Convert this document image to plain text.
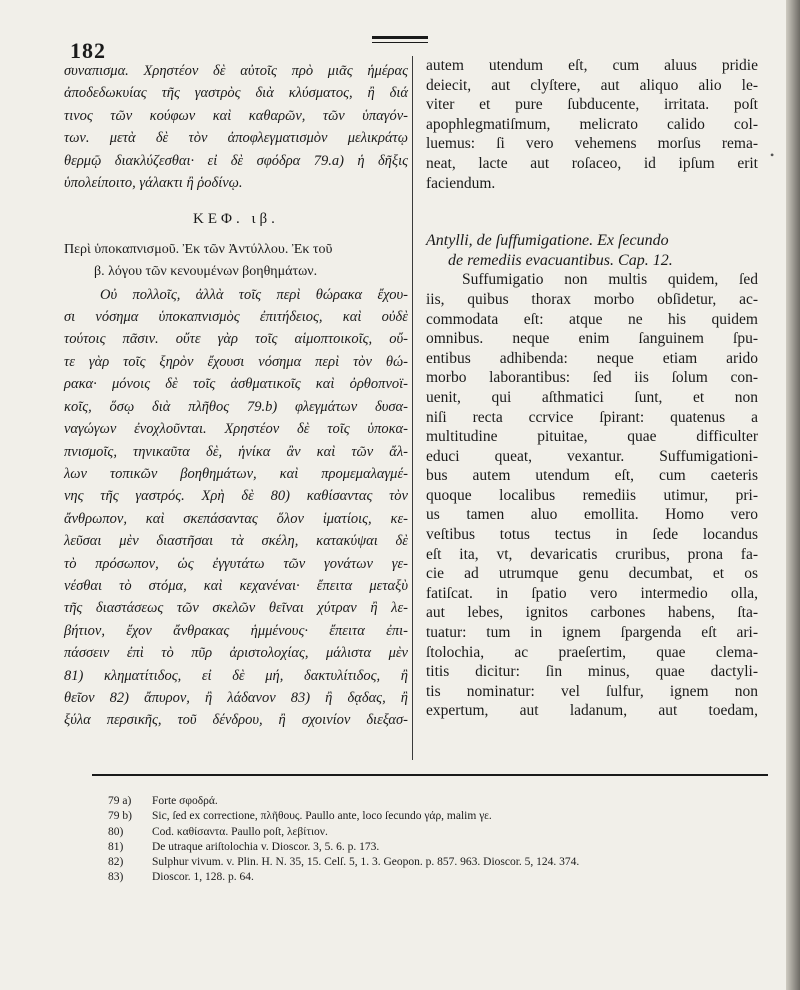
182
συναπισμα. Χρηστέον δὲ αὐτοῖς πρὸ μιᾶς ἡμέρας
ἀποδεδωκυίας τῆς γαστρὸς διὰ κλύσματος, ἢ διά
τινος τῶν κούφων καὶ καθαρῶν, τῶν ὑπαγόν-
των. μετὰ δὲ τὸν ἀποφλεγματισμὸν μελικράτῳ
θερμῷ διακλύζεσθαι· εἰ δὲ σφόδρα 79.a) ἡ δῆξις
ὑπολείποιτο, γάλακτι ἢ ῥοδίνῳ.
ΚΕΦ. ιβ.
Περὶ ὑποκαπνισμοῦ. Ἐκ τῶν Ἀντύλλου. Ἐκ τοῦ
β. λόγου τῶν κενουμένων βοηθημάτων.
Οὐ πολλοῖς, ἀλλὰ τοῖς περὶ θώρακα ἔχου-
σι νόσημα ὑποκαπνισμὸς ἐπιτήδειος, καὶ οὐδὲ
τούτοις πᾶσιν. οὔτε γὰρ τοῖς αἱμοπτοικοῖς, οὔ-
τε γὰρ τοῖς ξηρὸν ἔχουσι νόσημα περὶ τὸν θώ-
ρακα· μόνοις δὲ τοῖς ἀσθματικοῖς καὶ ὀρθοπνοϊ-
κοῖς, ὅσῳ διὰ πλῆθος 79.b) φλεγμάτων δυσα-
ναγώγων ἐνοχλοῦνται. Χρηστέον δὲ τοῖς ὑποκα-
πνισμοῖς, τηνικαῦτα δὲ, ἡνίκα ἂν καὶ τῶν ἄλ-
λων τοπικῶν βοηθημάτων, καὶ προμεμαλαγμέ-
νης τῆς γαστρός. Χρὴ δὲ 80) καθίσαντας τὸν
ἄνθρωπον, καὶ σκεπάσαντας ὅλον ἱματίοις, κε-
λεῦσαι μὲν διαστῆσαι τὰ σκέλη, κατακύψαι δὲ
τὸ πρόσωπον, ὡς ἐγγυτάτω τῶν γονάτων γε-
νέσθαι τὸ στόμα, καὶ κεχανέναι· ἔπειτα μεταξὺ
τῆς διαστάσεως τῶν σκελῶν θεῖναι χύτραν ἢ λε-
βήτιον, ἔχον ἄνθρακας ἡμμένους· ἔπειτα ἐπι-
πάσσειν ἐπὶ τὸ πῦρ ἀριστολοχίας, μάλιστα μὲν
81) κληματίτιδος, εἰ δὲ μή, δακτυλίτιδος, ἢ
θεῖον 82) ἄπυρον, ἢ λάδανον 83) ἢ δᾳδας, ἢ
ξύλα περσικῆς, τοῦ δένδρου, ἢ σχοινίον διεξασ-
autem utendum eſt, cum aluus pridie
deiecit, aut clyſtere, aut aliquo alio le-
viter et pure ſubducente, irritata. poſt
apophlegmatiſmum, melicrato calido col-
luemus: ſi vero vehemens morſus rema-
neat, lacte aut roſaceo, id ipſum erit
faciendum.
Antylli, de ſuffumigatione. Ex ſecundo
de remediis evacuantibus. Cap. 12.
Suffumigatio non multis quidem, ſed
iis, quibus thorax morbo obſidetur, ac-
commodata eſt: atque ne his quidem
omnibus. neque enim ſanguinem ſpu-
entibus adhibenda: neque etiam arido
morbo laborantibus: ſed iis ſolum con-
uenit, qui aſthmatici ſunt, et non
niſi recta ccrvice ſpirant: quatenus a
multitudine pituitae, quae difficulter
educi queat, vexantur. Suffumigationi-
bus autem utendum eſt, cum caeteris
quoque localibus remediis utimur, pri-
us tamen aluo emollita. Homo vero
veſtibus totus tectus in ſede locandus
eſt ita, vt, devaricatis cruribus, prona fa-
cie ad utrumque genu decumbat, et os
fatiſcat. in ſpatio vero intermedio olla,
aut lebes, ignitos carbones habens, ſta-
tuatur: tum in ignem ſpargenda eſt ari-
ſtolochia, ac praeſertim, quae clema-
titis dicitur: ſin minus, quae dactyli-
tis nominatur: vel ſulfur, ignem non
expertum, aut ladanum, aut toedam,
•
79 a) Forte σφοδρά.
79 b) Sic, ſed ex correctione, πλῆθους. Paullo ante, loco ſecundo γάρ, malim γε.
80) Cod. καθίσαντα. Paullo poſt, λεβίτιον.
81) De utraque ariſtolochia v. Dioscor. 3, 5. 6. p. 173.
82) Sulphur vivum. v. Plin. H. N. 35, 15. Celſ. 5, 1. 3. Geopon. p. 857. 963. Dioscor. 5, 124. 374.
83) Dioscor. 1, 128. p. 64.
